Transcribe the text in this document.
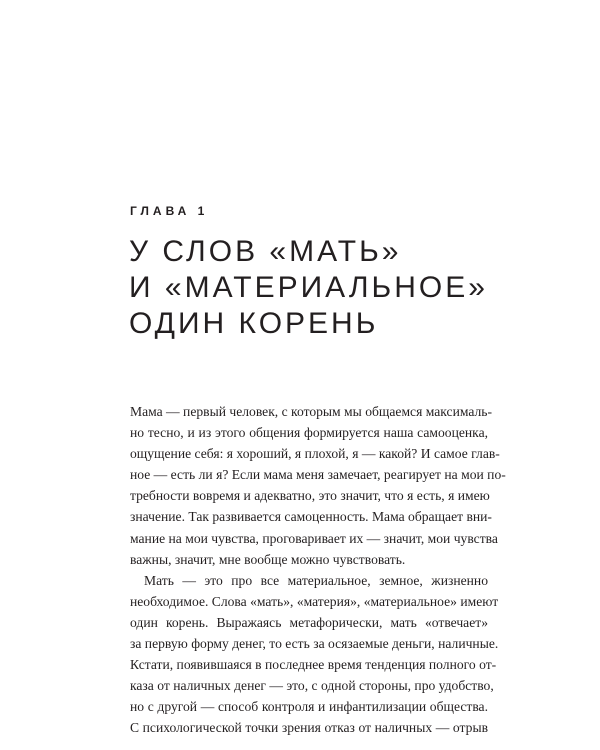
ГЛАВА 1
У СЛОВ «МАТЬ»
И «МАТЕРИАЛЬНОЕ»
ОДИН КОРЕНЬ
Мама — первый человек, с которым мы общаемся максималь-
но тесно, и из этого общения формируется наша самооценка,
ощущение себя: я хороший, я плохой, я — какой? И самое глав-
ное — есть ли я? Если мама меня замечает, реагирует на мои по-
требности вовремя и адекватно, это значит, что я есть, я имею
значение. Так развивается самоценность. Мама обращает вни-
мание на мои чувства, проговаривает их — значит, мои чувства
важны, значит, мне вообще можно чувствовать.
Мать — это про все материальное, земное, жизненно
необходимое. Слова «мать», «материя», «материальное» имеют
один корень. Выражаясь метафорически, мать «отвечает»
за первую форму денег, то есть за осязаемые деньги, наличные.
Кстати, появившаяся в последнее время тенденция полного от-
каза от наличных денег — это, с одной стороны, про удобство,
но с другой — способ контроля и инфантилизации общества.
С психологической точки зрения отказ от наличных — отрыв
